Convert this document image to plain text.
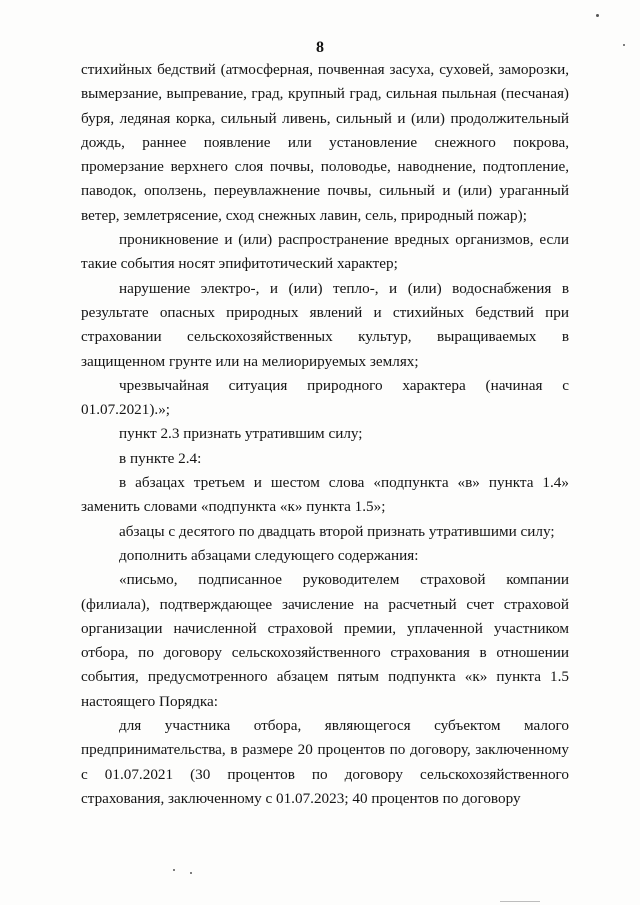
8

стихийных бедствий (атмосферная, почвенная засуха, суховей, заморозки, вымерзание, выпревание, град, крупный град, сильная пыльная (песчаная) буря, ледяная корка, сильный ливень, сильный и (или) продолжительный дождь, раннее появление или установление снежного покрова, промерзание верхнего слоя почвы, половодье, наводнение, подтопление, паводок, оползень, переувлажнение почвы, сильный и (или) ураганный ветер, землетрясение, сход снежных лавин, сель, природный пожар);

проникновение и (или) распространение вредных организмов, если такие события носят эпифитотический характер;

нарушение электро-, и (или) тепло-, и (или) водоснабжения в результате опасных природных явлений и стихийных бедствий при страховании сельскохозяйственных культур, выращиваемых в защищенном грунте или на мелиорируемых землях;

чрезвычайная ситуация природного характера (начиная с 01.07.2021).»;

пункт 2.3 признать утратившим силу;

в пункте 2.4:

в абзацах третьем и шестом слова «подпункта «в» пункта 1.4» заменить словами «подпункта «к» пункта 1.5»;

абзацы с десятого по двадцать второй признать утратившими силу;

дополнить абзацами следующего содержания:

«письмо, подписанное руководителем страховой компании (филиала), подтверждающее зачисление на расчетный счет страховой организации начисленной страховой премии, уплаченной участником отбора, по договору сельскохозяйственного страхования в отношении события, предусмотренного абзацем пятым подпункта «к» пункта 1.5 настоящего Порядка:

для участника отбора, являющегося субъектом малого предпринимательства, в размере 20 процентов по договору, заключенному с 01.07.2021 (30 процентов по договору сельскохозяйственного страхования, заключенному с 01.07.2023; 40 процентов по договору
